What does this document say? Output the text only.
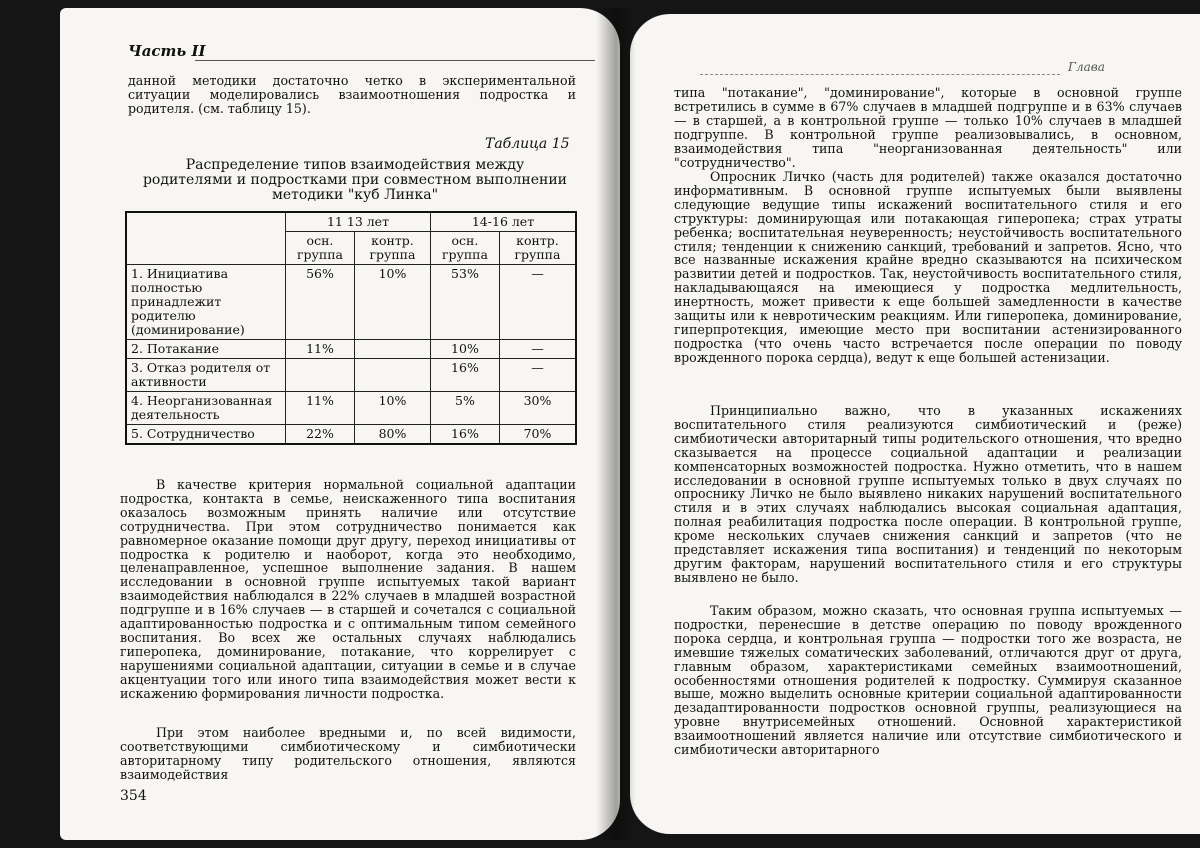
Часть II

данной методики достаточно четко в экспериментальной ситуации моделировались взаимоотношения подростка и родителя. (см. таблицу 15).

Таблица 15
Распределение типов взаимодействия между родителями и подростками при совместном выполнении методики "куб Линка"
	11 13 лет		14-16 лет	
	осн. группа	контр. группа	осн. группа	контр. группа
1. Инициатива полностью принадлежит родителю (доминирование)	56%	10%	53%	—
2. Потакание	11%		10%	—
3. Отказ родителя от активности			16%	—
4. Неорганизованная деятельность	11%	10%	5%	30%
5. Сотрудничество	22%	80%	16%	70%

В качестве критерия нормальной социальной адаптации подростка, контакта в семье, неискаженного типа воспитания оказалось возможным принять наличие или отсутствие сотрудничества. При этом сотрудничество понимается как равномерное оказание помощи друг другу, переход инициативы от подростка к родителю и наоборот, когда это необходимо, целенаправленное, успешное выполнение задания. В нашем исследовании в основной группе испытуемых такой вариант взаимодействия наблюдался в 22% случаев в младшей возрастной подгруппе и в 16% случаев — в старшей и сочетался с социальной адаптированностью подростка и с оптимальным типом семейного воспитания. Во всех же остальных случаях наблюдались гиперопека, доминирование, потакание, что коррелирует с нарушениями социальной адаптации, ситуации в семье и в случае акцентуации того или иного типа взаимодействия может вести к искажению формирования личности подростка.

При этом наиболее вредными и, по всей видимости, соответствующими симбиотическому и симбиотически авторитарному типу родительского отношения, являются взаимодействия

354
Глава

типа "потакание", "доминирование", которые в основной группе встретились в сумме в 67% случаев в младшей подгруппе и в 63% случаев — в старшей, а в контрольной группе — только 10% случаев в младшей подгруппе. В контрольной группе реализовывались, в основном, взаимодействия типа "неорганизованная деятельность" или "сотрудничество".

Опросник Личко (часть для родителей) также оказался достаточно информативным. В основной группе испытуемых были выявлены следующие ведущие типы искажений воспитательного стиля и его структуры: доминирующая или потакающая гиперопека; страх утраты ребенка; воспитательная неуверенность; неустойчивость воспитательного стиля; тенденции к снижению санкций, требований и запретов. Ясно, что все названные искажения крайне вредно сказываются на психическом развитии детей и подростков. Так, неустойчивость воспитательного стиля, накладывающаяся на имеющиеся у подростка медлительность, инертность, может привести к еще большей замедленности в качестве защиты или к невротическим реакциям. Или гиперопека, доминирование, гиперпротекция, имеющие место при воспитании астенизированного подростка (что очень часто встречается после операции по поводу врожденного порока сердца), ведут к еще большей астенизации.

Принципиально важно, что в указанных искажениях воспитательного стиля реализуются симбиотический и (реже) симбиотически авторитарный типы родительского отношения, что вредно сказывается на процессе социальной адаптации и реализации компенсаторных возможностей подростка. Нужно отметить, что в нашем исследовании в основной группе испытуемых только в двух случаях по опроснику Личко не было выявлено никаких нарушений воспитательного стиля и в этих случаях наблюдались высокая социальная адаптация, полная реабилитация подростка после операции. В контрольной группе, кроме нескольких случаев снижения санкций и запретов (что не представляет искажения типа воспитания) и тенденций по некоторым другим факторам, нарушений воспитательного стиля и его структуры выявлено не было.

Таким образом, можно сказать, что основная группа испытуемых — подростки, перенесшие в детстве операцию по поводу врожденного порока сердца, и контрольная группа — подростки того же возраста, не имевшие тяжелых соматических заболеваний, отличаются друг от друга, главным образом, характеристиками семейных взаимоотношений, особенностями отношения родителей к подростку. Суммируя сказанное выше, можно выделить основные критерии социальной адаптированности дезадаптированности подростков основной группы, реализующиеся на уровне внутрисемейных отношений. Основной характеристикой взаимоотношений является наличие или отсутствие симбиотического и симбиотически авторитарного
